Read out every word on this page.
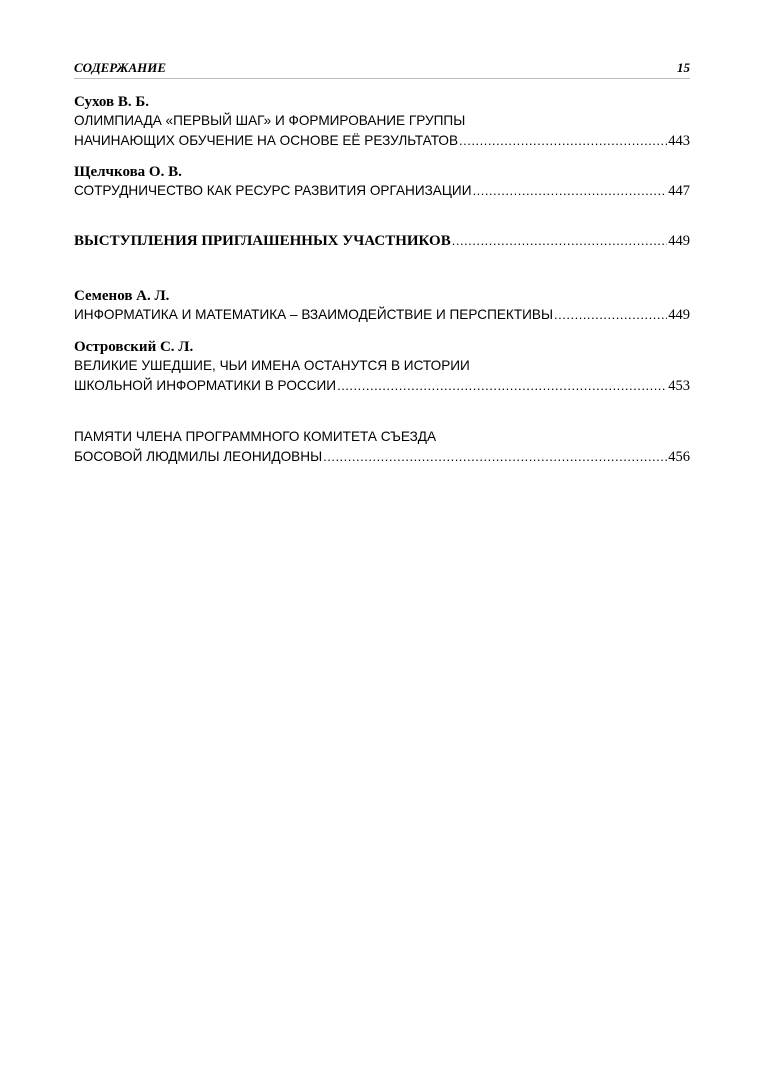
СОДЕРЖАНИЕ	15
Сухов В. Б.
ОЛИМПИАДА «ПЕРВЫЙ ШАГ» И ФОРМИРОВАНИЕ ГРУППЫ
НАЧИНАЮЩИХ ОБУЧЕНИЕ НА ОСНОВЕ ЕЁ РЕЗУЛЬТАТОВ .....	443
Щелчкова О. В.
СОТРУДНИЧЕСТВО КАК РЕСУРС РАЗВИТИЯ ОРГАНИЗАЦИИ .....	447
ВЫСТУПЛЕНИЯ ПРИГЛАШЕННЫХ УЧАСТНИКОВ .....	449
Семенов А. Л.
ИНФОРМАТИКА И МАТЕМАТИКА – ВЗАИМОДЕЙСТВИЕ И ПЕРСПЕКТИВЫ .....	449
Островский С. Л.
ВЕЛИКИЕ УШЕДШИЕ, ЧЬИ ИМЕНА ОСТАНУТСЯ В ИСТОРИИ
ШКОЛЬНОЙ ИНФОРМАТИКИ В РОССИИ .....	453
ПАМЯТИ ЧЛЕНА ПРОГРАММНОГО КОМИТЕТА СЪЕЗДА
БОСОВОЙ ЛЮДМИЛЫ ЛЕОНИДОВНЫ .....	456
